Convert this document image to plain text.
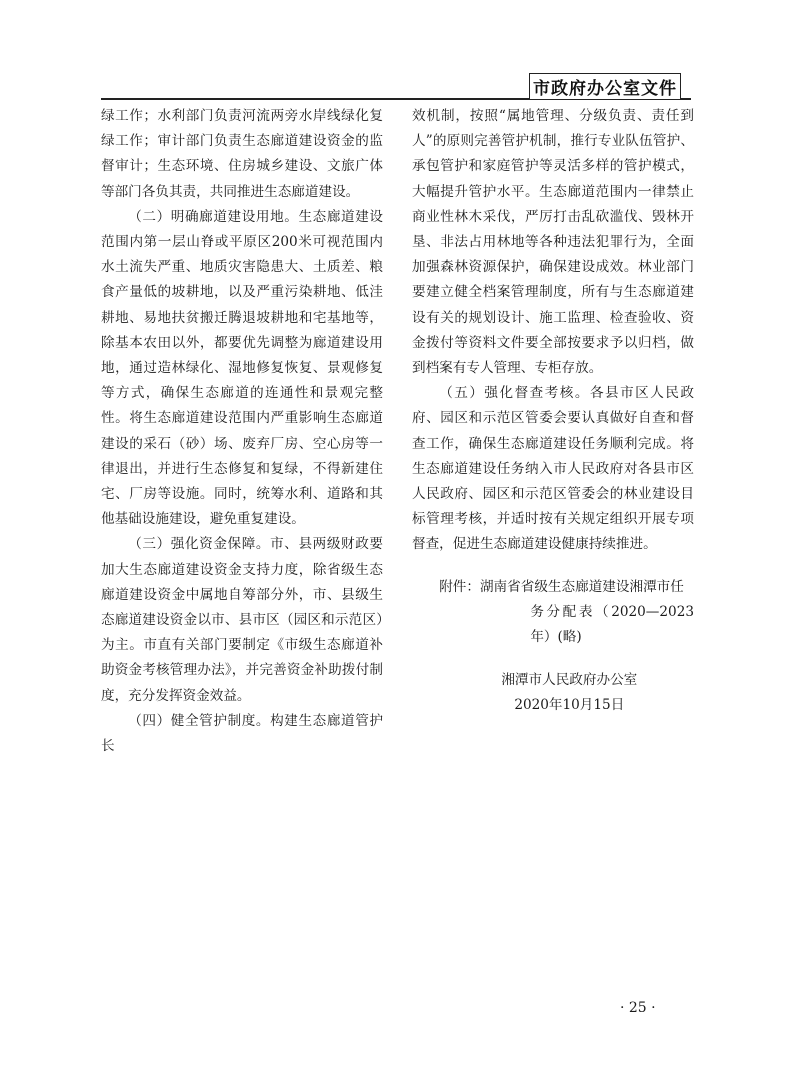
市政府办公室文件

绿工作；水利部门负责河流两旁水岸线绿化复绿工作；审计部门负责生态廊道建设资金的监督审计；生态环境、住房城乡建设、文旅广体等部门各负其责，共同推进生态廊道建设。

（二）明确廊道建设用地。生态廊道建设范围内第一层山脊或平原区200米可视范围内水土流失严重、地质灾害隐患大、土质差、粮食产量低的坡耕地，以及严重污染耕地、低洼耕地、易地扶贫搬迁腾退坡耕地和宅基地等，除基本农田以外，都要优先调整为廊道建设用地，通过造林绿化、湿地修复恢复、景观修复等方式，确保生态廊道的连通性和景观完整性。将生态廊道建设范围内严重影响生态廊道建设的采石（砂）场、废弃厂房、空心房等一律退出，并进行生态修复和复绿，不得新建住宅、厂房等设施。同时，统筹水利、道路和其他基础设施建设，避免重复建设。

（三）强化资金保障。市、县两级财政要加大生态廊道建设资金支持力度，除省级生态廊道建设资金中属地自筹部分外，市、县级生态廊道建设资金以市、县市区（园区和示范区）为主。市直有关部门要制定《市级生态廊道补助资金考核管理办法》，并完善资金补助拨付制度，充分发挥资金效益。

（四）健全管护制度。构建生态廊道管护长

效机制，按照“属地管理、分级负责、责任到人”的原则完善管护机制，推行专业队伍管护、承包管护和家庭管护等灵活多样的管护模式，大幅提升管护水平。生态廊道范围内一律禁止商业性林木采伐，严厉打击乱砍滥伐、毁林开垦、非法占用林地等各种违法犯罪行为，全面加强森林资源保护，确保建设成效。林业部门要建立健全档案管理制度，所有与生态廊道建设有关的规划设计、施工监理、检查验收、资金拨付等资料文件要全部按要求予以归档，做到档案有专人管理、专柜存放。

（五）强化督查考核。各县市区人民政府、园区和示范区管委会要认真做好自查和督查工作，确保生态廊道建设任务顺利完成。将生态廊道建设任务纳入市人民政府对各县市区人民政府、园区和示范区管委会的林业建设目标管理考核，并适时按有关规定组织开展专项督查，促进生态廊道建设健康持续推进。

附件：湖南省省级生态廊道建设湘潭市任
务分配表（2020—2023 年）(略)

湘潭市人民政府办公室

2020年10月15日

· 25 ·
